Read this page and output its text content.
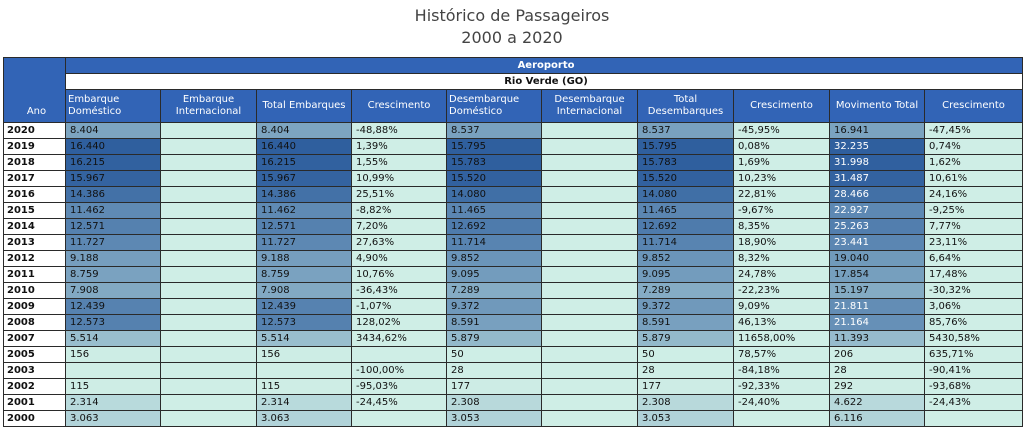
Histórico de Passageiros
2000 a 2020
Ano	Aeroporto									
	Rio Verde (GO)									
	Embarque Doméstico	Embarque Internacional	Total Embarques	Crescimento	Desembarque Doméstico	Desembarque Internacional	Total Desembarques	Crescimento	Movimento Total	Crescimento
2020	8.404		8.404	-48,88%	8.537		8.537	-45,95%	16.941	-47,45%
2019	16.440		16.440	1,39%	15.795		15.795	0,08%	32.235	0,74%
2018	16.215		16.215	1,55%	15.783		15.783	1,69%	31.998	1,62%
2017	15.967		15.967	10,99%	15.520		15.520	10,23%	31.487	10,61%
2016	14.386		14.386	25,51%	14.080		14.080	22,81%	28.466	24,16%
2015	11.462		11.462	-8,82%	11.465		11.465	-9,67%	22.927	-9,25%
2014	12.571		12.571	7,20%	12.692		12.692	8,35%	25.263	7,77%
2013	11.727		11.727	27,63%	11.714		11.714	18,90%	23.441	23,11%
2012	9.188		9.188	4,90%	9.852		9.852	8,32%	19.040	6,64%
2011	8.759		8.759	10,76%	9.095		9.095	24,78%	17.854	17,48%
2010	7.908		7.908	-36,43%	7.289		7.289	-22,23%	15.197	-30,32%
2009	12.439		12.439	-1,07%	9.372		9.372	9,09%	21.811	3,06%
2008	12.573		12.573	128,02%	8.591		8.591	46,13%	21.164	85,76%
2007	5.514		5.514	3434,62%	5.879		5.879	11658,00%	11.393	5430,58%
2005	156		156		50		50	78,57%	206	635,71%
2003				-100,00%	28		28	-84,18%	28	-90,41%
2002	115		115	-95,03%	177		177	-92,33%	292	-93,68%
2001	2.314		2.314	-24,45%	2.308		2.308	-24,40%	4.622	-24,43%
2000	3.063		3.063		3.053		3.053		6.116	
